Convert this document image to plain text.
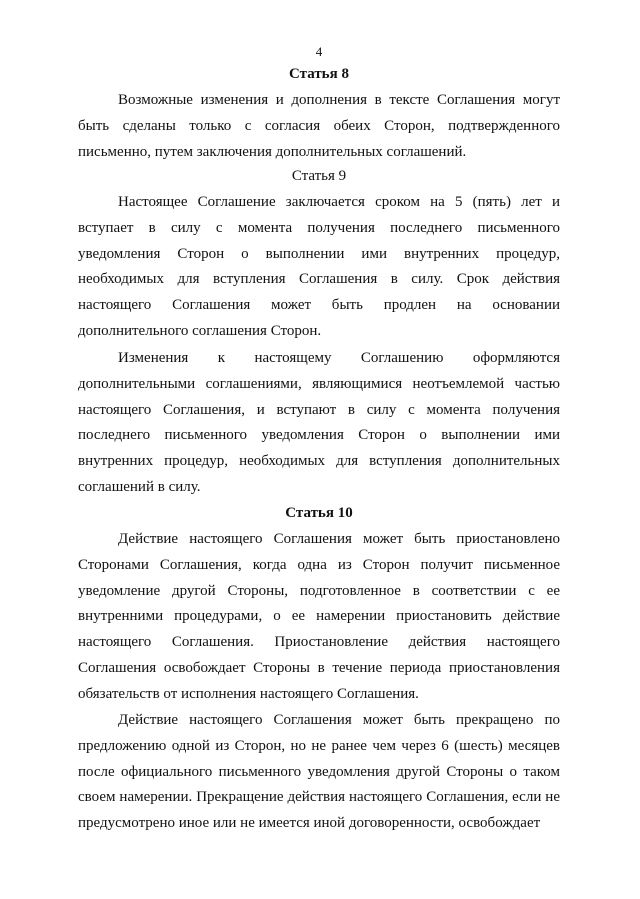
4
Статья 8

Возможные изменения и дополнения в тексте Соглашения могут быть сделаны только с согласия обеих Сторон, подтвержденного письменно, путем заключения дополнительных соглашений.

Статья 9

Настоящее Соглашение заключается сроком на 5 (пять) лет и вступает в силу с момента получения последнего письменного уведомления Сторон о выполнении ими внутренних процедур, необходимых для вступления Соглашения в силу. Срок действия настоящего Соглашения может быть продлен на основании дополнительного соглашения Сторон.

Изменения к настоящему Соглашению оформляются дополнительными соглашениями, являющимися неотъемлемой частью настоящего Соглашения, и вступают в силу с момента получения последнего письменного уведомления Сторон о выполнении ими внутренних процедур, необходимых для вступления дополнительных соглашений в силу.

Статья 10

Действие настоящего Соглашения может быть приостановлено Сторонами Соглашения, когда одна из Сторон получит письменное уведомление другой Стороны, подготовленное в соответствии с ее внутренними процедурами, о ее намерении приостановить действие настоящего Соглашения. Приостановление действия настоящего Соглашения освобождает Стороны в течение периода приостановления обязательств от исполнения настоящего Соглашения.

Действие настоящего Соглашения может быть прекращено по предложению одной из Сторон, но не ранее чем через 6 (шесть) месяцев после официального письменного уведомления другой Стороны о таком своем намерении. Прекращение действия настоящего Соглашения, если не предусмотрено иное или не имеется иной договоренности, освобождает
